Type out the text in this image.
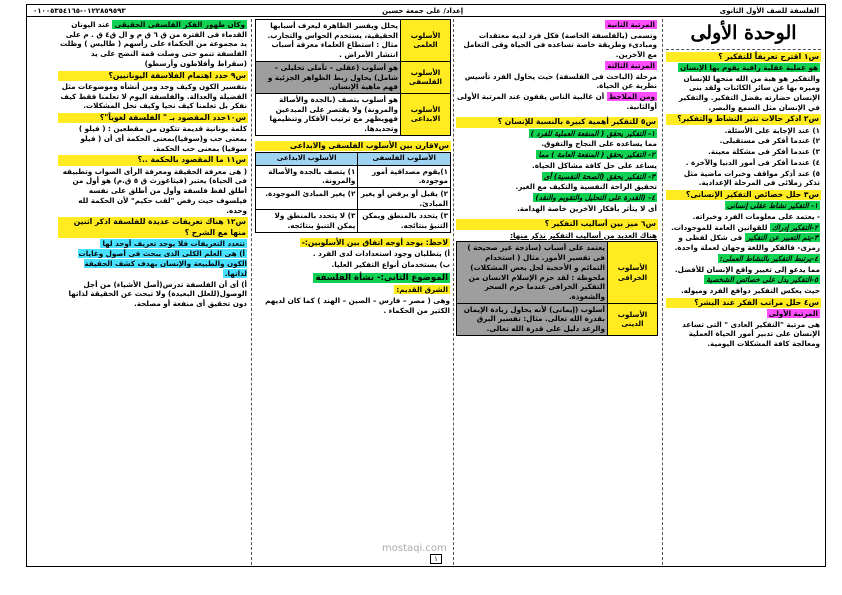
الفلسفة للصف الأول الثانوى
إعداد/ على جمعة حسين
٠١٢٢٨٥٩٥٩٣-٠١٠٠٥٣٥٤١٦٥
الوحدة الأولى
س١ اقترح تعريفاً للتفكير ؟
هو عملية عقلية راقية يقوم بها الإنسان
والتفكير هو هبة من الله منحها للإنسان وميزه بها عن سائر الكائنات ولقد بنى الإنسان حضارته بفضل التفكير. والتفكير في الإنسان مثل السمع والبصر.
س٢ اذكر حالات تثير النشاط والتفكير؟
١) عند الإجابة على الأسئلة.
٢) عندما أفكر فى مستقبلى.
٣) عندما أفكر فى مشكلة معينة.
٤) عندما أفكر فى أمور الدنيا والآخرة .
٥) عند أذكر مواقف وخبرات ماضية مثل تذكر زملائى فى المرحلة الإعدادية.
س٣ حلل خصائص التفكير الإنسانى؟
١- التفكير نشاط عقلى إنسانى
- يعتمد على معلومات الفرد وخبراته.
٢-التفكير إدراك للقوانين العامة للموجودات.
٣-يتم التعبير عن التفكير فى شكل لفظى و رمزى- فالفكر واللغة وجهان لعملة واحدة.
٤-يرتبط التفكير بالنشاط العملى:
مما يدعو إلى تغيير واقع الإنسان للأفضل.
٥-التفكير يدل على خصائص الشخصية
حيث يعكس التفكير دوافع الفرد وميوله.
س٤ حلل مراتب الفكر عند البشر؟
المرتبة الأولى
هى مرتبة "التفكير العادى " التى تساعد الإنسان على تدبير أمور الحياة العملية ومعالجة كافة المشكلات اليومية.
المرتبة الثانية
وتسمى (بالفلسفة الخاصة) فكل فرد لديه معتقدات ومبادىء وطريقة خاصة تساعده فى الحياة وفى التعامل مع الآخرين.
المرتبة الثالثة
مرحلة (الباحث فى الفلسفة) حيث يحاول الفرد تأسيس نظرية عن الحياة.
ومن الملاحظ أن غالبية الناس يقفون عند المرتبة الأولى أوالثانية.
س٥ للتفكير أهمية كبيرة بالنسبة للإنسان ؟
١- التفكير يحقق ( المنفعة العملية للفرد )
مما يساعده على النجاح والتفوق.
٢- التفكير يحقق ( المنفعة العامة ) مما
يساعد على حل كافة مشاكل الحياة.
٣- التفكير يحقق (الصحة النفسية) أى
تحقيق الراحة النفسية والتكيف مع الغير.
٤- (القدرة على التحليل والتقويم والنقد)
أى لا يتأثر بأفكار الآخرين خاصة الهدامة.
س٦ ميز بين أساليب التفكير ؟
هناك العديد من أساليب التفكير نذكر منها:
الأسلوب الخرافى	يعتمد على أسباب (ساذجة غير صحيحة ) فى تفسير الأمور. مثال ( استخدام التمائم و الأحجبة لحل بعض المشكلات) ملحوظة : لقد حرم الإسلام الانسان من التفكير الخرافى عندما حرم السحر والشعوذة.
الأسلوب الدينى	أسلوب (إيمانى) لأنه يحاول زيادة الإيمان بقدرة الله تعالى. مثال: تفسير البرق والرعد دليل على قدرة الله تعالى.
الأسلوب العلمى	يحلل ويفسر الظاهرة ليعرف أسبابها الحقيقية، يستخدم الحواس والتجارب. مثال : استطاع العلماء معرفة أسباب انتشار الأمراض .
الأسلوب الفلسفى	هو أسلوب (عقلى – تأملى تحليلى – شامل) يحاول ربط الظواهر الجزئية و فهم ماهية الإنسان.
الأسلوب الابداعى	هو أسلوب يتصف (بالجدة والأصالة والمرونة) ولا يقتصر على المبدعين فهويظهر مع ترتيب الأفكار وتنظيمها وتجديدها.
س٧قارن بين الأسلوب الفلسفى والابداعى
الأسلوب الفلسفى	الأسلوب الابداعى
١)يقوم مصداقية أمور موجودة.	١) يتصف بالجدة والأصالة والمرونة.
٢) يقبل أو يرفض أو يغير المبادئ.	٢) يغير المبادئ الموجودة.
٣) يتحدد بالمنطق ويمكن التنبؤ بنتائجه.	٣) لا يتحدد بالمنطق ولا يمكن التنبؤ بنتائجه.
لاحظ: يوجد أوجه اتفاق بين الأسلوبين:-
أ) يتطلبان وجود استعدادات لدى الفرد .
ب) يستخدمان أنواع التفكير العليا.
الموضوع الثانى:- نشأة الفلسفة
الشرق القديم:
وهى ( مصر – فارس – الصين – الهند ) كما كان لديهم الكثير من الحكماء .
وكان ظهور الفكر الفلسفى الحقيقى عند اليونان القدماء فى الفترة من ق ٦ ق م و ال ق٤ ق . م على يد مجموعة من الحكماء على رأسهم ( طاليس ) وظلت الفلسفة تنمو حتى وصلت قمة النضج على يد (سقراط وأفلاطون وأرسطو)
س٩ حدد اهتمام الفلاسفة اليونانيين؟
بتفسير الكون وكيف وجد ومن أنشأه وموضوعات مثل الفضيلة والعدالة. والفلسفة اليوم لا تعلمنا فقط كيف نفكر بل تعلمنا كيف نحيا وكيف نحل المشكلات.
س١٠حدد المقصود بـ " الفلسفة لغوياً"؟
كلمة يونانية قديمة تتكون من مقطعين : ( فيلو ) بمعنى حب و(سوفيا)بمعنى الحكمة أى أن ( فيلو سوفيا) بمعنى حب الحكمة.
س١١ ما المقصود بالحكمة ..؟
( هى معرفة الحقيقة ومعرفة الرأى الصواب وتطبيقه فى الحياة) يعتبر (فيثاغورث ق ٥ ق.م) هو أول من أطلق لفظ فلسفة وأول من أطلق على نفسه فيلسوف حيث رفض "لقب حكيم" لأن الحكمة لله وحده.
س١٢ هناك تعريفات عديدة للفلسفة اذكر اثنين منها مع الشرح ؟
تتعدد التعريفات فلا يوجد تعريف أوحد لها
أ) هى العلم الكلى الذى يبحث فى أصول وغايات الكون والطبيعة والإنسان بهدف كشف الحقيقة لذاتها.
أ) أى أن الفلسفة تدرس(أصل الأشياء) من أجل الوصول(للعلل البعيدة) ولا تبحث عن الحقيقة لذاتها دون تحقيق أى منفعة أو مصلحة.
mostaqi.com
١
